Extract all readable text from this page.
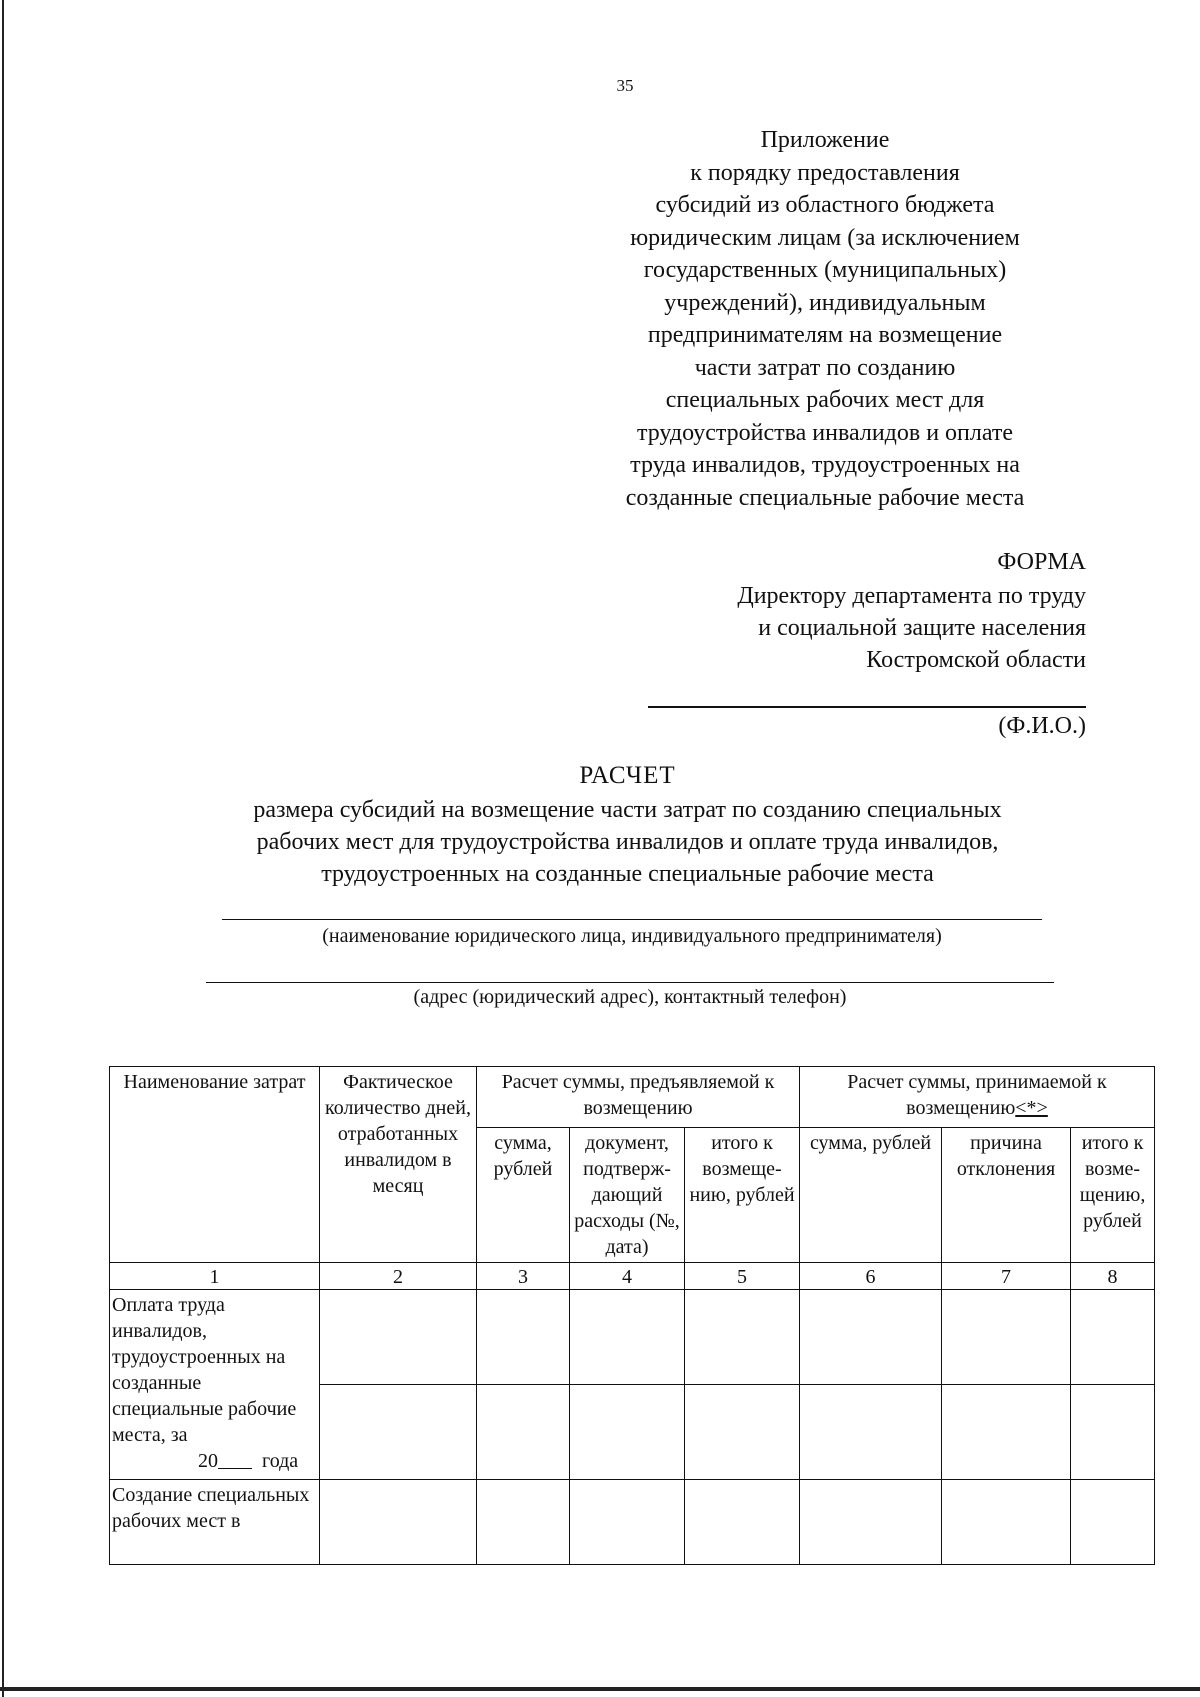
35
Приложение
к порядку предоставления
субсидий из областного бюджета
юридическим лицам (за исключением
государственных (муниципальных)
учреждений), индивидуальным
предпринимателям на возмещение
части затрат по созданию
специальных рабочих мест для
трудоустройства инвалидов и оплате
труда инвалидов, трудоустроенных на
созданные специальные рабочие места
ФОРМА
Директору департамента по труду
и социальной защите населения
Костромской области
(Ф.И.О.)
РАСЧЕТ
размера субсидий на возмещение части затрат по созданию специальных
рабочих мест для трудоустройства инвалидов и оплате труда инвалидов,
трудоустроенных на созданные специальные рабочие места
(наименование юридического лица, индивидуального предпринимателя)
(адрес (юридический адрес), контактный телефон)
Наименование затрат	Фактическое количество дней, отработанных инвалидом в месяц	Расчет суммы, предъявляемой к возмещению			Расчет суммы, принимаемой к возмещению<*>		
		сумма, рублей	документ, подтверж-дающий расходы (№, дата)	итого к возмеще-нию, рублей	сумма, рублей	причина отклонения	итого к возме-щению, рублей
1	2	3	4	5	6	7	8
Оплата труда инвалидов, трудоустроенных на созданные специальные рабочие места, за
20 года							

Создание специальных рабочих мест в							
